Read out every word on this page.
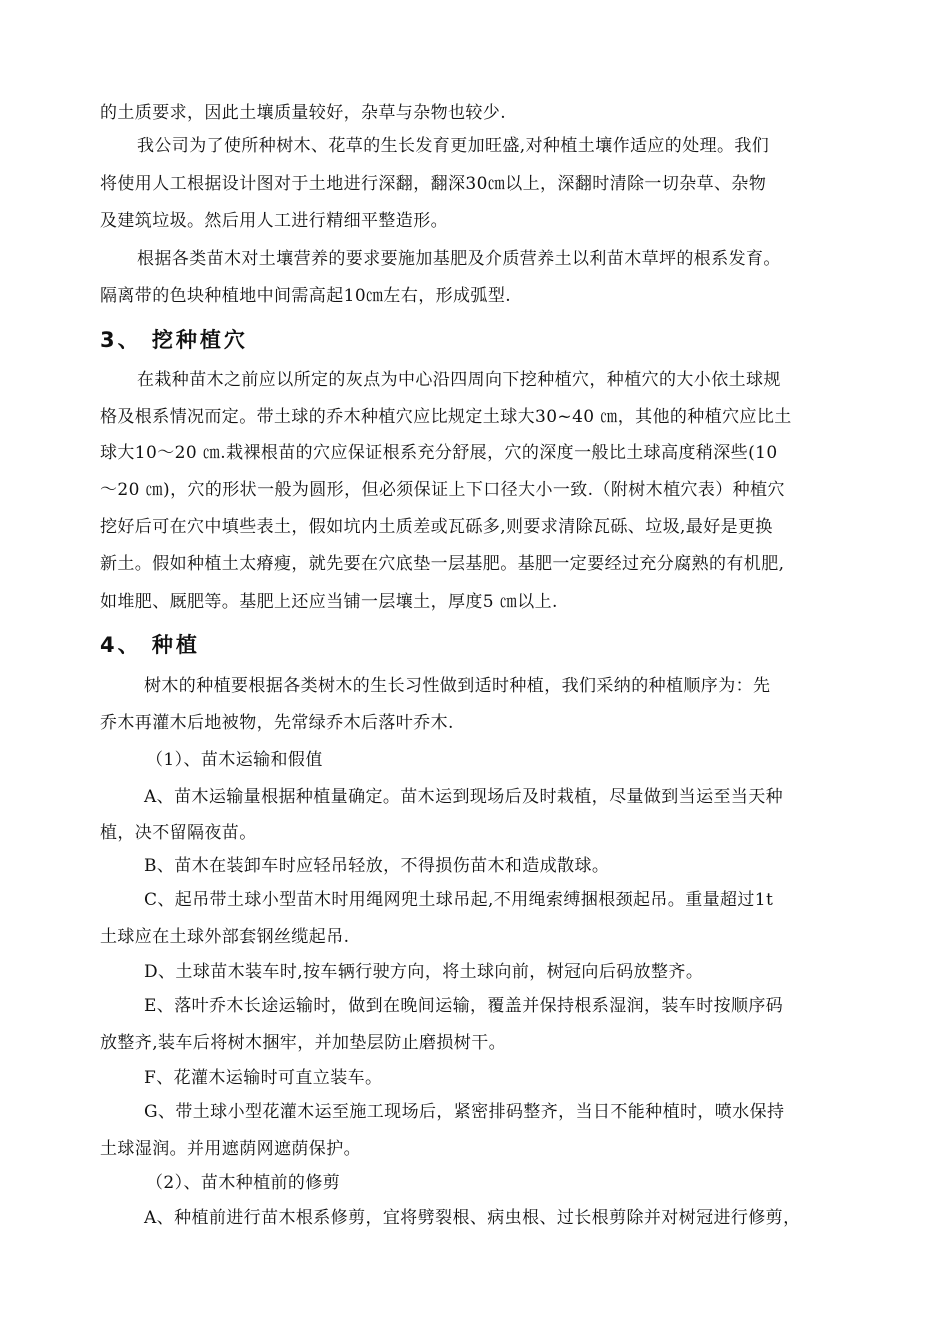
的土质要求，因此土壤质量较好，杂草与杂物也较少.
我公司为了使所种树木、花草的生长发育更加旺盛,对种植土壤作适应的处理。我们
将使用人工根据设计图对于土地进行深翻，翻深30㎝以上，深翻时清除一切杂草、杂物
及建筑垃圾。然后用人工进行精细平整造形。
根据各类苗木对土壤营养的要求要施加基肥及介质营养土以利苗木草坪的根系发育。
隔离带的色块种植地中间需高起10㎝左右，形成弧型.
3、 挖种植穴
在栽种苗木之前应以所定的灰点为中心沿四周向下挖种植穴，种植穴的大小依土球规
格及根系情况而定。带土球的乔木种植穴应比规定土球大30~40 ㎝，其他的种植穴应比土
球大10～20 ㎝.栽裸根苗的穴应保证根系充分舒展，穴的深度一般比土球高度稍深些(10
～20 ㎝)，穴的形状一般为圆形，但必须保证上下口径大小一致.（附树木植穴表）种植穴
挖好后可在穴中填些表土，假如坑内土质差或瓦砾多,则要求清除瓦砾、垃圾,最好是更换
新土。假如种植土太瘠瘦，就先要在穴底垫一层基肥。基肥一定要经过充分腐熟的有机肥,
如堆肥、厩肥等。基肥上还应当铺一层壤土，厚度5 ㎝以上.
4、 种植
树木的种植要根据各类树木的生长习性做到适时种植，我们采纳的种植顺序为：先
乔木再灌木后地被物，先常绿乔木后落叶乔木.
（1）、苗木运输和假值
A、苗木运输量根据种植量确定。苗木运到现场后及时栽植，尽量做到当运至当天种
植，决不留隔夜苗。
B、苗木在装卸车时应轻吊轻放，不得损伤苗木和造成散球。
C、起吊带土球小型苗木时用绳网兜土球吊起,不用绳索缚捆根颈起吊。重量超过1t
土球应在土球外部套钢丝缆起吊.
D、土球苗木装车时,按车辆行驶方向，将土球向前，树冠向后码放整齐。
E、落叶乔木长途运输时，做到在晚间运输，覆盖并保持根系湿润，装车时按顺序码
放整齐,装车后将树木捆牢，并加垫层防止磨损树干。
F、花灌木运输时可直立装车。
G、带土球小型花灌木运至施工现场后，紧密排码整齐，当日不能种植时，喷水保持
土球湿润。并用遮荫网遮荫保护。
（2）、苗木种植前的修剪
A、种植前进行苗木根系修剪，宜将劈裂根、病虫根、过长根剪除并对树冠进行修剪，
